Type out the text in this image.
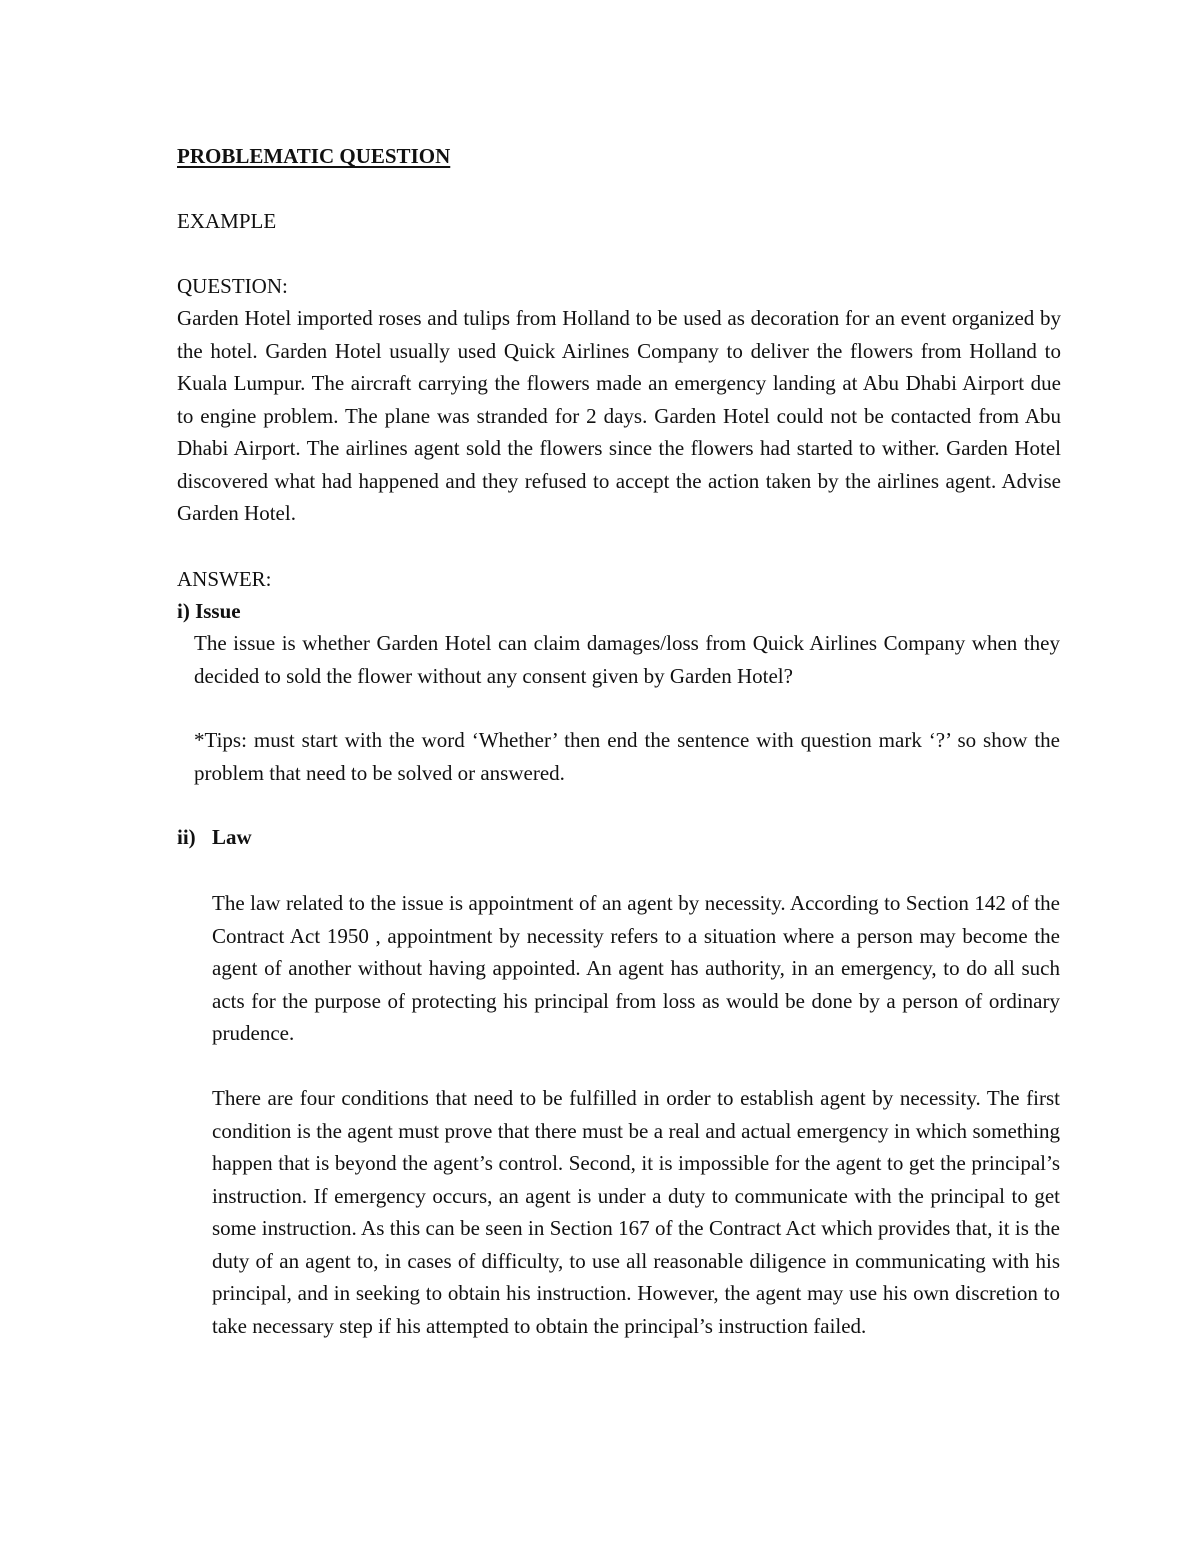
PROBLEMATIC QUESTION
EXAMPLE
QUESTION:

Garden Hotel imported roses and tulips from Holland to be used as decoration for an event organized by the hotel. Garden Hotel usually used Quick Airlines Company to deliver the flowers from Holland to Kuala Lumpur. The aircraft carrying the flowers made an emergency landing at Abu Dhabi Airport due to engine problem. The plane was stranded for 2 days. Garden Hotel could not be contacted from Abu Dhabi Airport. The airlines agent sold the flowers since the flowers had started to wither. Garden Hotel discovered what had happened and they refused to accept the action taken by the airlines agent. Advise Garden Hotel.

ANSWER:
i) Issue

The issue is whether Garden Hotel can claim damages/loss from Quick Airlines Company when they decided to sold the flower without any consent given by Garden Hotel?

*Tips: must start with the word ‘Whether’ then end the sentence with question mark ‘?’ so show the problem that need to be solved or answered.

ii) Law

The law related to the issue is appointment of an agent by necessity. According to Section 142 of the Contract Act 1950 , appointment by necessity refers to a situation where a person may become the agent of another without having appointed. An agent has authority, in an emergency, to do all such acts for the purpose of protecting his principal from loss as would be done by a person of ordinary prudence.

There are four conditions that need to be fulfilled in order to establish agent by necessity. The first condition is the agent must prove that there must be a real and actual emergency in which something happen that is beyond the agent’s control. Second, it is impossible for the agent to get the principal’s instruction. If emergency occurs, an agent is under a duty to communicate with the principal to get some instruction. As this can be seen in Section 167 of the Contract Act which provides that, it is the duty of an agent to, in cases of difficulty, to use all reasonable diligence in communicating with his principal, and in seeking to obtain his instruction. However, the agent may use his own discretion to take necessary step if his attempted to obtain the principal’s instruction failed.
